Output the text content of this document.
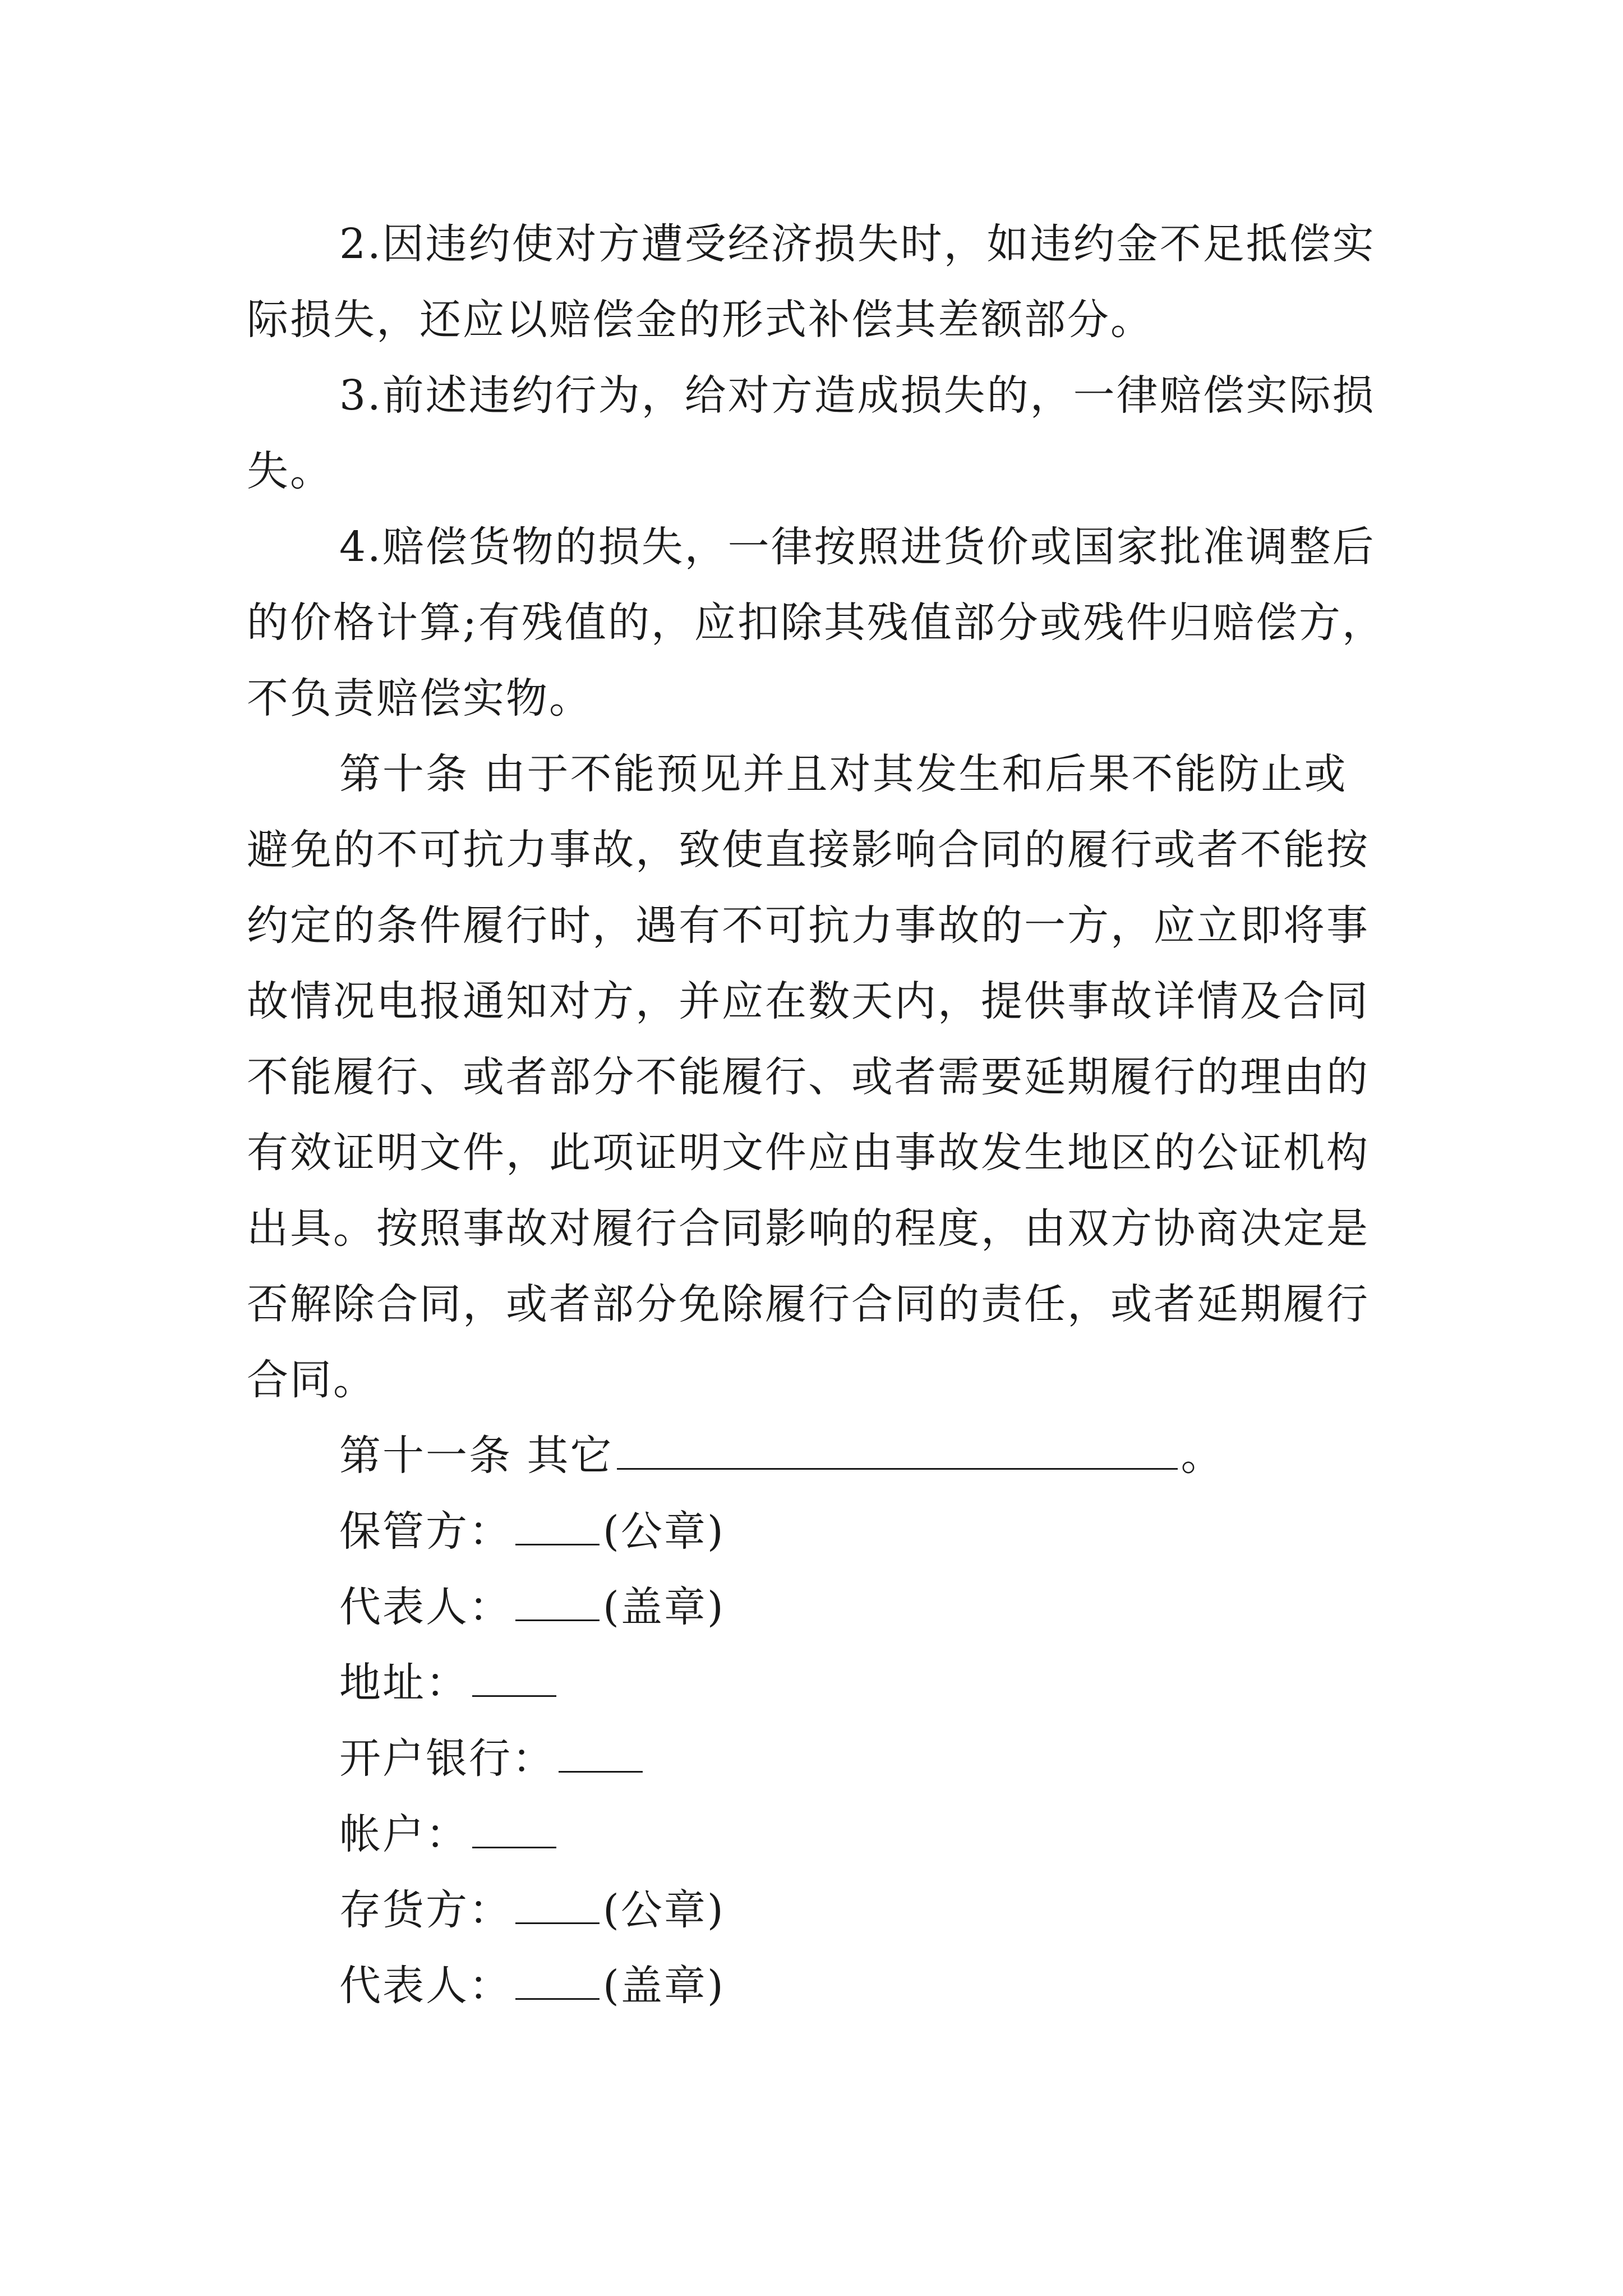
2.因违约使对方遭受经济损失时，如违约金不足抵偿实
际损失，还应以赔偿金的形式补偿其差额部分。
3.前述违约行为，给对方造成损失的，一律赔偿实际损
失。
4.赔偿货物的损失，一律按照进货价或国家批准调整后
的价格计算;有残值的，应扣除其残值部分或残件归赔偿方，
不负责赔偿实物。
第十条 由于不能预见并且对其发生和后果不能防止或
避免的不可抗力事故，致使直接影响合同的履行或者不能按
约定的条件履行时，遇有不可抗力事故的一方，应立即将事
故情况电报通知对方，并应在数天内，提供事故详情及合同
不能履行、或者部分不能履行、或者需要延期履行的理由的
有效证明文件，此项证明文件应由事故发生地区的公证机构
出具。按照事故对履行合同影响的程度，由双方协商决定是
否解除合同，或者部分免除履行合同的责任，或者延期履行
合同。
第十一条 其它	。
保管方： (公章)
代表人： (盖章)
地址：
开户银行：
帐户：
存货方： (公章)
代表人： (盖章)
